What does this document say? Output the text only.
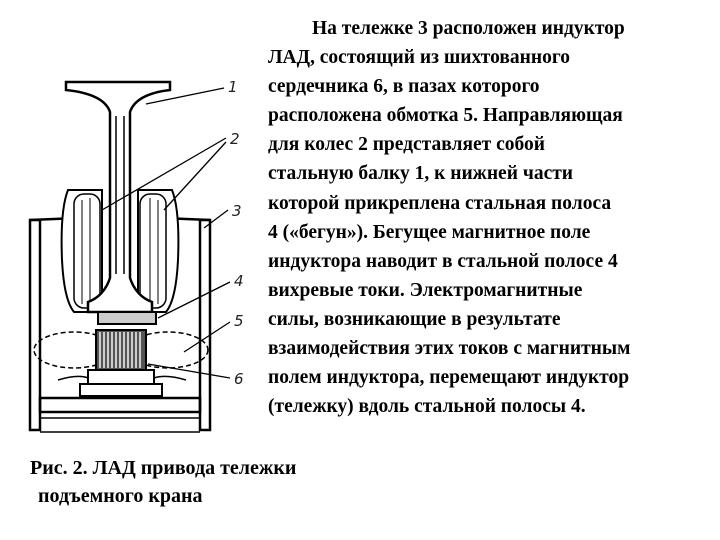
1
2
3
4
5
6
На тележке 3 расположен индуктор
ЛАД, состоящий из шихтованного
сердечника 6, в пазах которого
расположена обмотка 5. Направляющая
для колес 2 представляет собой
стальную балку 1, к нижней части
которой прикреплена стальная полоса
4 («бегун»). Бегущее магнитное поле
индуктора наводит в стальной полосе 4
вихревые токи. Электромагнитные
силы, возникающие в результате
взаимодействия этих токов с магнитным
полем индуктора, перемещают индуктор
(тележку) вдоль стальной полосы 4.
Рис. 2. ЛАД привода тележки
подъемного крана
